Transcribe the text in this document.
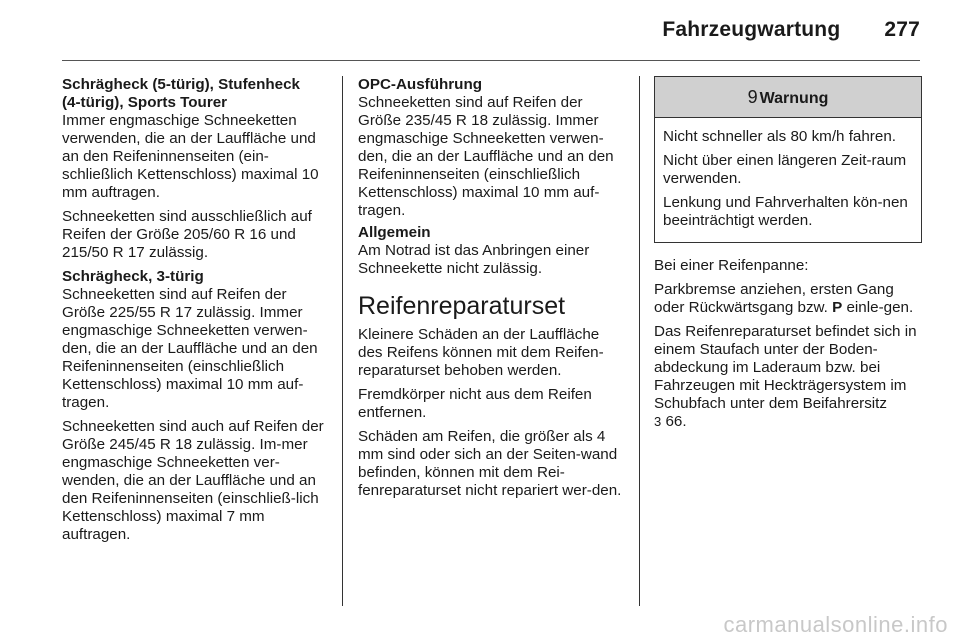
Fahrzeugwartung 277
Schrägheck (5-türig), Stufenheck
(4-türig), Sports Tourer

Immer engmaschige Schneeketten verwenden, die an der Lauffläche und an den Reifeninnenseiten (ein-schließlich Kettenschloss) maximal 10 mm auftragen.

Schneeketten sind ausschließlich auf Reifen der Größe 205/60 R 16 und 215/50 R 17 zulässig.

Schrägheck, 3-türig

Schneeketten sind auf Reifen der Größe 225/55 R 17 zulässig. Immer engmaschige Schneeketten verwen-den, die an der Lauffläche und an den Reifeninnenseiten (einschließlich Kettenschloss) maximal 10 mm auf-tragen.

Schneeketten sind auch auf Reifen der Größe 245/45 R 18 zulässig. Im-mer engmaschige Schneeketten ver-wenden, die an der Lauffläche und an den Reifeninnenseiten (einschließ-lich Kettenschloss) maximal 7 mm auftragen.

OPC-Ausführung

Schneeketten sind auf Reifen der Größe 235/45 R 18 zulässig. Immer engmaschige Schneeketten verwen-den, die an der Lauffläche und an den Reifeninnenseiten (einschließlich Kettenschloss) maximal 10 mm auf-tragen.

Allgemein

Am Notrad ist das Anbringen einer Schneekette nicht zulässig.

Reifenreparaturset

Kleinere Schäden an der Lauffläche des Reifens können mit dem Reifen-reparaturset behoben werden.

Fremdkörper nicht aus dem Reifen entfernen.

Schäden am Reifen, die größer als 4 mm sind oder sich an der Seiten-wand befinden, können mit dem Rei-fenreparaturset nicht repariert wer-den.

9 Warnung

Nicht schneller als 80 km/h fahren.

Nicht über einen längeren Zeit-raum verwenden.

Lenkung und Fahrverhalten kön-nen beeinträchtigt werden.

Bei einer Reifenpanne:

Parkbremse anziehen, ersten Gang oder Rückwärtsgang bzw. P einle-gen.

Das Reifenreparaturset befindet sich in einem Staufach unter der Boden-abdeckung im Laderaum bzw. bei Fahrzeugen mit Heckträgersystem im Schubfach unter dem Beifahrersitz
3 66.

carmanualsonline.info
